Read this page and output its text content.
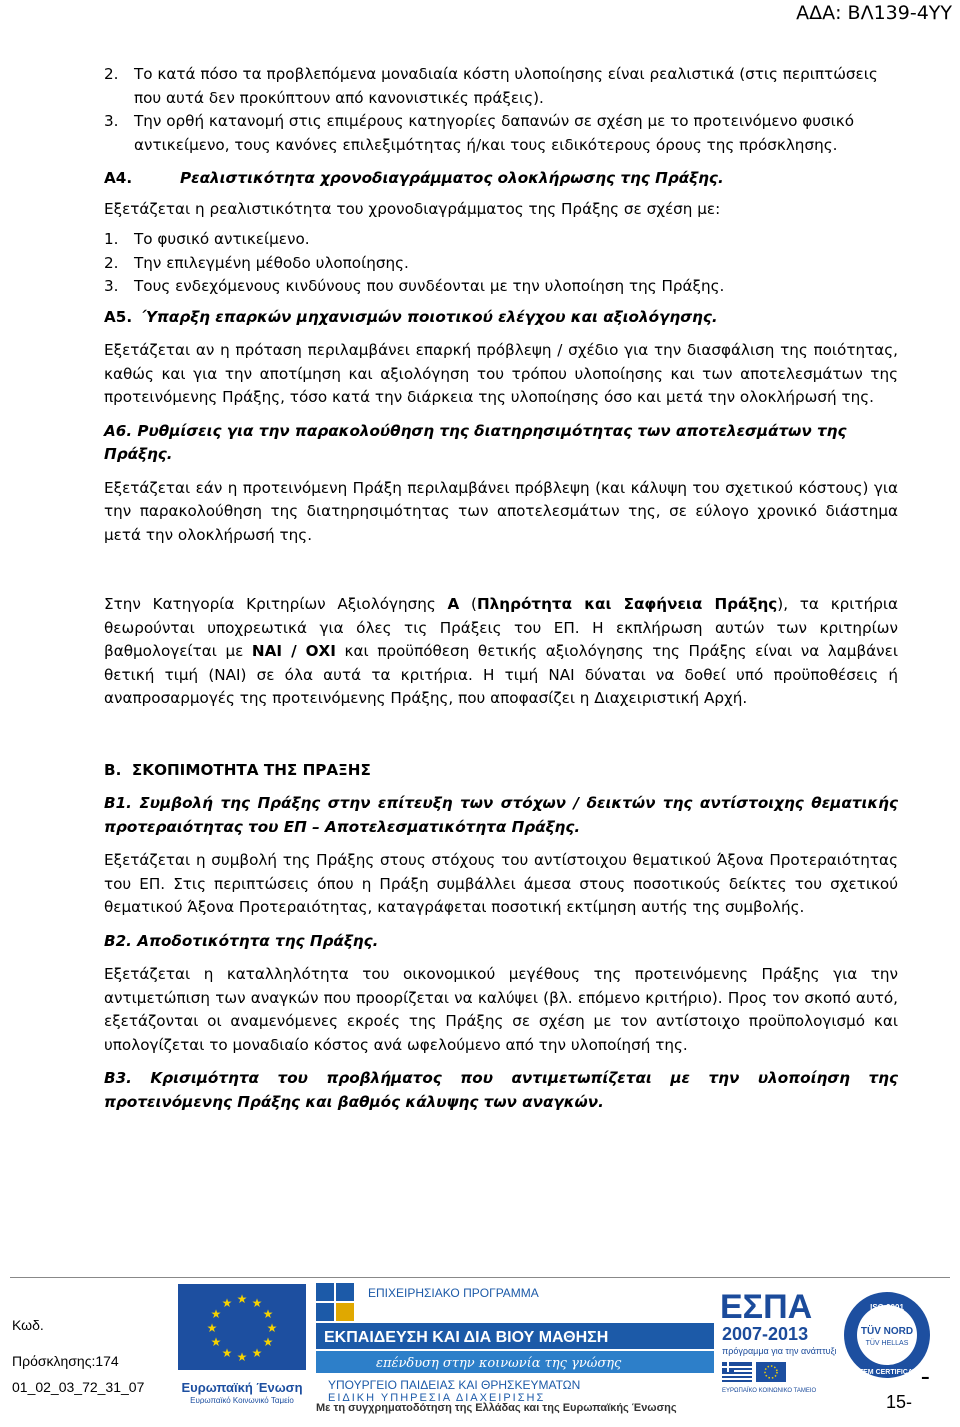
ΑΔΑ: ΒΛ139-4ΥΥ
2.	Το κατά πόσο τα προβλεπόμενα μοναδιαία κόστη υλοποίησης είναι ρεαλιστικά (στις περιπτώσεις που αυτά δεν προκύπτουν από κανονιστικές πράξεις).
3.	Την ορθή κατανομή στις επιμέρους κατηγορίες δαπανών σε σχέση με το προτεινόμενο φυσικό αντικείμενο, τους κανόνες επιλεξιμότητας ή/και τους ειδικότερους όρους της πρόσκλησης.
Α4.	Ρεαλιστικότητα χρονοδιαγράμματος ολοκλήρωσης της Πράξης.

Εξετάζεται η ρεαλιστικότητα του χρονοδιαγράμματος της Πράξης σε σχέση με:

1.	Το φυσικό αντικείμενο.
2.	Την επιλεγμένη μέθοδο υλοποίησης.
3.	Τους ενδεχόμενους κινδύνους που συνδέονται με την υλοποίηση της Πράξης.
Α5. Ύπαρξη επαρκών μηχανισμών ποιοτικού ελέγχου και αξιολόγησης.

Εξετάζεται αν η πρόταση περιλαμβάνει επαρκή πρόβλεψη / σχέδιο για την διασφάλιση της ποιότητας, καθώς και για την αποτίμηση και αξιολόγηση του τρόπου υλοποίησης και των αποτελεσμάτων της προτεινόμενης Πράξης, τόσο κατά την διάρκεια της υλοποίησης όσο και μετά την ολοκλήρωσή της.

Α6. Ρυθμίσεις για την παρακολούθηση της διατηρησιμότητας των αποτελεσμάτων της Πράξης.

Εξετάζεται εάν η προτεινόμενη Πράξη περιλαμβάνει πρόβλεψη (και κάλυψη του σχετικού κόστους) για την παρακολούθηση της διατηρησιμότητας των αποτελεσμάτων της, σε εύλογο χρονικό διάστημα μετά την ολοκλήρωσή της.

Στην Κατηγορία Κριτηρίων Αξιολόγησης Α (Πληρότητα και Σαφήνεια Πράξης), τα κριτήρια θεωρούνται υποχρεωτικά για όλες τις Πράξεις του ΕΠ. Η εκπλήρωση αυτών των κριτηρίων βαθμολογείται με ΝΑΙ / ΟΧΙ και προϋπόθεση θετικής αξιολόγησης της Πράξης είναι να λαμβάνει θετική τιμή (ΝΑΙ) σε όλα αυτά τα κριτήρια. Η τιμή ΝΑΙ δύναται να δοθεί υπό προϋποθέσεις ή αναπροσαρμογές της προτεινόμενης Πράξης, που αποφασίζει η Διαχειριστική Αρχή.

Β.  ΣΚΟΠΙΜΟΤΗΤΑ ΤΗΣ ΠΡΑΞΗΣ

Β1. Συμβολή της Πράξης στην επίτευξη των στόχων / δεικτών της αντίστοιχης θεματικής προτεραιότητας του ΕΠ – Αποτελεσματικότητα Πράξης.

Εξετάζεται η συμβολή της Πράξης στους στόχους του αντίστοιχου θεματικού Άξονα Προτεραιότητας του ΕΠ. Στις περιπτώσεις όπου η Πράξη συμβάλλει άμεσα στους ποσοτικούς δείκτες του σχετικού θεματικού Άξονα Προτεραιότητας, καταγράφεται ποσοτική εκτίμηση αυτής της συμβολής.

Β2. Αποδοτικότητα της Πράξης.

Εξετάζεται η καταλληλότητα του οικονομικού μεγέθους της προτεινόμενης Πράξης για την αντιμετώπιση των αναγκών που προορίζεται να καλύψει (βλ. επόμενο κριτήριο). Προς τον σκοπό αυτό, εξετάζονται οι αναμενόμενες εκροές της Πράξης σε σχέση με τον αντίστοιχο προϋπολογισμό και υπολογίζεται το μοναδιαίο κόστος ανά ωφελούμενο από την υλοποίησή της.

Β3. Κρισιμότητα του προβλήματος που αντιμετωπίζεται με την υλοποίηση της προτεινόμενης Πράξης και βαθμός κάλυψης των αναγκών.

Κωδ.
Πρόσκλησης:174
01_02_03_72_31_07
★ ★
★
★
★
★
★
★
★
★
★
★
Ευρωπαϊκή Ένωση
Ευρωπαϊκό Κοινωνικό Ταμείο
ΕΠΙΧΕΙΡΗΣΙΑΚΟ ΠΡΟΓΡΑΜΜΑ
ΕΚΠΑΙΔΕΥΣΗ ΚΑΙ ΔΙΑ ΒΙΟΥ ΜΑΘΗΣΗ
επένδυση στην κοινωνία της γνώσης
ΥΠΟΥΡΓΕΙΟ ΠΑΙΔΕΙΑΣ ΚΑΙ ΘΡΗΣΚΕΥΜΑΤΩΝ
ΕΙΔΙΚΗ ΥΠΗΡΕΣΙΑ ΔΙΑΧΕΙΡΙΣΗΣ
Με τη συγχρηματοδότηση της Ελλάδας και της Ευρωπαϊκής Ένωσης
ΕΣΠΑ
2007-2013
πρόγραμμα για την ανάπτυξη
ΕΥΡΩΠΑΪΚΟ ΚΟΙΝΩΝΙΚΟ ΤΑΜΕΙΟ
ISO 9001
TÜV NORD
TÜV HELLAS
SYSTEM CERTIFICATION
-
15-
